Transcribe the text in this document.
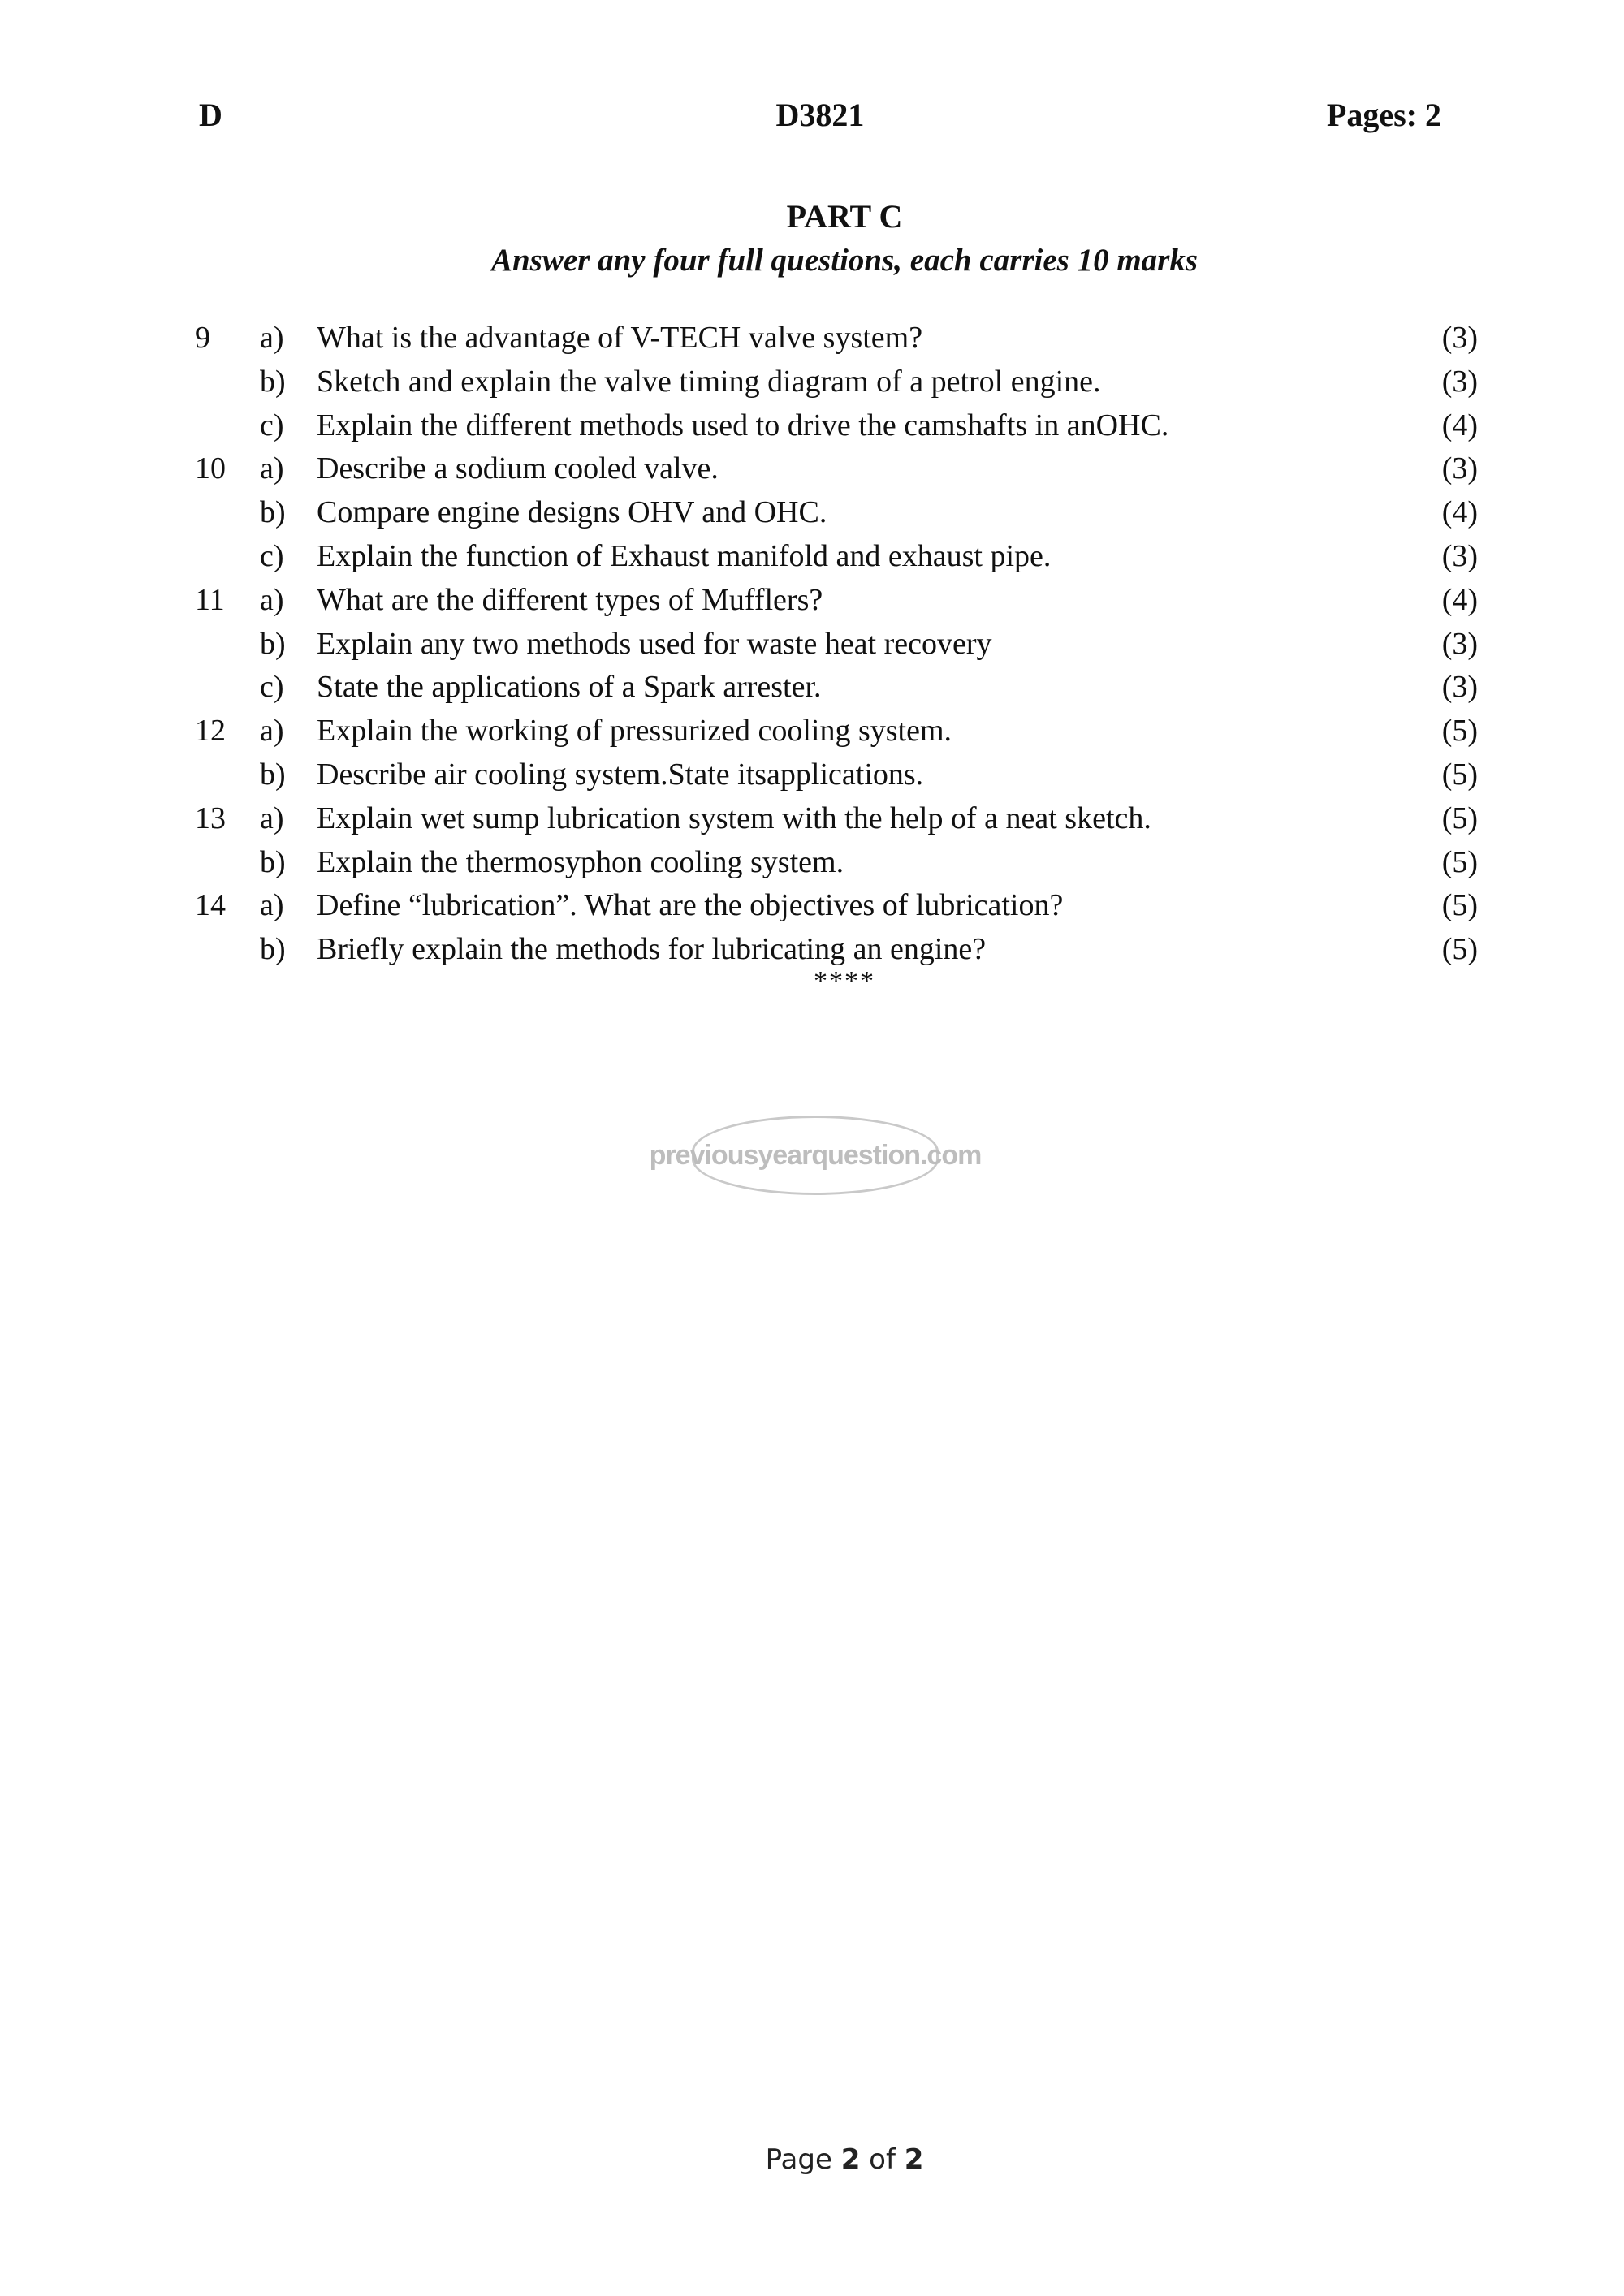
D	D3821	Pages: 2
PART C
Answer any four full questions, each carries 10 marks
9	a)	What is the advantage of V-TECH valve system?	(3)
b)	Sketch and explain the valve timing diagram of a petrol engine.	(3)
c)	Explain the different methods used to drive the camshafts in anOHC.	(4)
10	a)	Describe a sodium cooled valve.	(3)
b)	Compare engine designs OHV and OHC.	(4)
c)	Explain the function of Exhaust manifold and exhaust pipe.	(3)
11	a)	What are the different types of Mufflers?	(4)
b)	Explain any two methods used for waste heat recovery	(3)
c)	State the applications of a Spark arrester.	(3)
12	a)	Explain the working of pressurized cooling system.	(5)
b)	Describe air cooling system.State itsapplications.	(5)
13	a)	Explain wet sump lubrication system with the help of a neat sketch.	(5)
b)	Explain the thermosyphon cooling system.	(5)
14	a)	Define “lubrication”. What are the objectives of lubrication?	(5)
b)	Briefly explain the methods for lubricating an engine?	(5)
****
previousyearquestion.com
Page 2 of 2
